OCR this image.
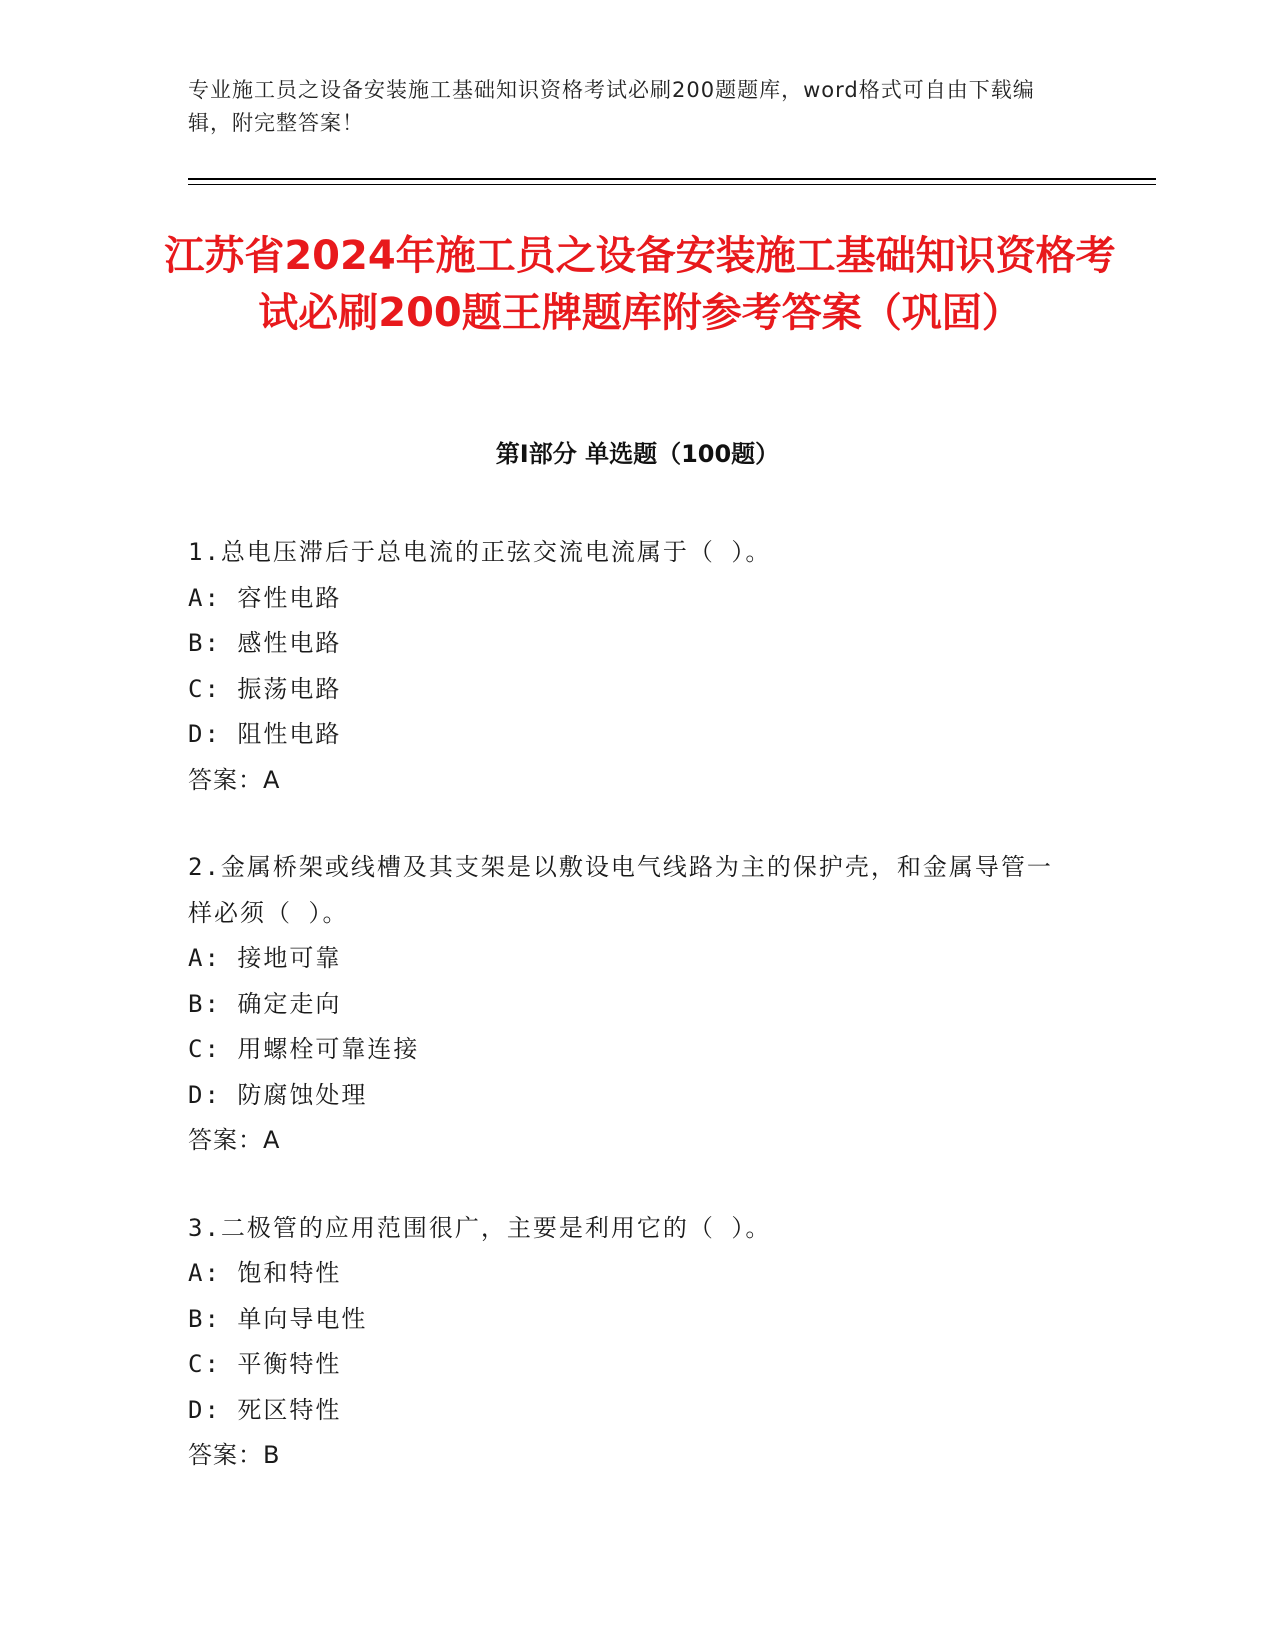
专业施工员之设备安装施工基础知识资格考试必刷200题题库，word格式可自由下载编辑，附完整答案！
江苏省2024年施工员之设备安装施工基础知识资格考试必刷200题王牌题库附参考答案（巩固）
第I部分 单选题（100题）
1.总电压滞后于总电流的正弦交流电流属于（ ）。
A: 容性电路
B: 感性电路
C: 振荡电路
D: 阻性电路
答案：A
2.金属桥架或线槽及其支架是以敷设电气线路为主的保护壳，和金属导管一样必须（ ）。
A: 接地可靠
B: 确定走向
C: 用螺栓可靠连接
D: 防腐蚀处理
答案：A
3.二极管的应用范围很广，主要是利用它的（ ）。
A: 饱和特性
B: 单向导电性
C: 平衡特性
D: 死区特性
答案：B
